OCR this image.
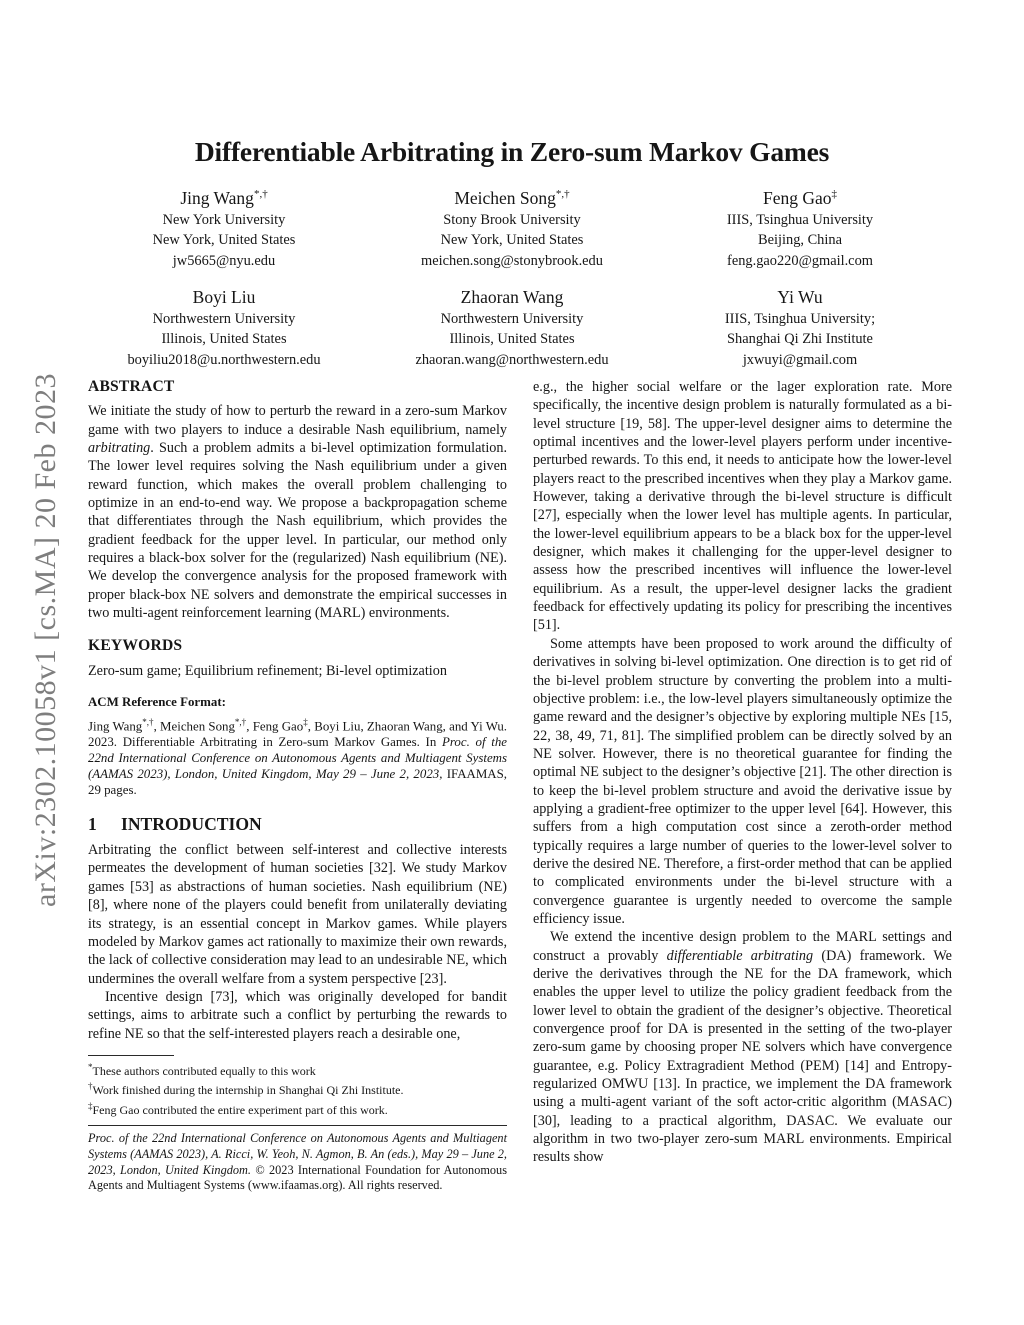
arXiv:2302.10058v1 [cs.MA] 20 Feb 2023
Differentiable Arbitrating in Zero-sum Markov Games
Jing Wang*,†
New York University
New York, United States
jw5665@nyu.edu
Meichen Song*,†
Stony Brook University
New York, United States
meichen.song@stonybrook.edu
Feng Gao‡
IIIS, Tsinghua University
Beijing, China
feng.gao220@gmail.com
Boyi Liu
Northwestern University
Illinois, United States
boyiliu2018@u.northwestern.edu
Zhaoran Wang
Northwestern University
Illinois, United States
zhaoran.wang@northwestern.edu
Yi Wu
IIIS, Tsinghua University;
Shanghai Qi Zhi Institute
jxwuyi@gmail.com
ABSTRACT

We initiate the study of how to perturb the reward in a zero-sum Markov game with two players to induce a desirable Nash equilibrium, namely arbitrating. Such a problem admits a bi-level optimization formulation. The lower level requires solving the Nash equilibrium under a given reward function, which makes the overall problem challenging to optimize in an end-to-end way. We propose a backpropagation scheme that differentiates through the Nash equilibrium, which provides the gradient feedback for the upper level. In particular, our method only requires a black-box solver for the (regularized) Nash equilibrium (NE). We develop the convergence analysis for the proposed framework with proper black-box NE solvers and demonstrate the empirical successes in two multi-agent reinforcement learning (MARL) environments.

KEYWORDS

Zero-sum game; Equilibrium refinement; Bi-level optimization

ACM Reference Format:

Jing Wang*,†, Meichen Song*,†, Feng Gao‡, Boyi Liu, Zhaoran Wang, and Yi Wu. 2023. Differentiable Arbitrating in Zero-sum Markov Games. In Proc. of the 22nd International Conference on Autonomous Agents and Multiagent Systems (AAMAS 2023), London, United Kingdom, May 29 – June 2, 2023, IFAAMAS, 29 pages.

1 INTRODUCTION

Arbitrating the conflict between self-interest and collective interests permeates the development of human societies [32]. We study Markov games [53] as abstractions of human societies. Nash equilibrium (NE) [8], where none of the players could benefit from unilaterally deviating its strategy, is an essential concept in Markov games. While players modeled by Markov games act rationally to maximize their own rewards, the lack of collective consideration may lead to an undesirable NE, which undermines the overall welfare from a system perspective [23].

Incentive design [73], which was originally developed for bandit settings, aims to arbitrate such a conflict by perturbing the rewards to refine NE so that the self-interested players reach a desirable one,

*These authors contributed equally to this work
†Work finished during the internship in Shanghai Qi Zhi Institute.
‡Feng Gao contributed the entire experiment part of this work.

Proc. of the 22nd International Conference on Autonomous Agents and Multiagent Systems (AAMAS 2023), A. Ricci, W. Yeoh, N. Agmon, B. An (eds.), May 29 – June 2, 2023, London, United Kingdom. © 2023 International Foundation for Autonomous Agents and Multiagent Systems (www.ifaamas.org). All rights reserved.

e.g., the higher social welfare or the lager exploration rate. More specifically, the incentive design problem is naturally formulated as a bi-level structure [19, 58]. The upper-level designer aims to determine the optimal incentives and the lower-level players perform under incentive-perturbed rewards. To this end, it needs to anticipate how the lower-level players react to the prescribed incentives when they play a Markov game. However, taking a derivative through the bi-level structure is difficult [27], especially when the lower level has multiple agents. In particular, the lower-level equilibrium appears to be a black box for the upper-level designer, which makes it challenging for the upper-level designer to assess how the prescribed incentives will influence the lower-level equilibrium. As a result, the upper-level designer lacks the gradient feedback for effectively updating its policy for prescribing the incentives [51].

Some attempts have been proposed to work around the difficulty of derivatives in solving bi-level optimization. One direction is to get rid of the bi-level problem structure by converting the problem into a multi-objective problem: i.e., the low-level players simultaneously optimize the game reward and the designer’s objective by exploring multiple NEs [15, 22, 38, 49, 71, 81]. The simplified problem can be directly solved by an NE solver. However, there is no theoretical guarantee for finding the optimal NE subject to the designer’s objective [21]. The other direction is to keep the bi-level problem structure and avoid the derivative issue by applying a gradient-free optimizer to the upper level [64]. However, this suffers from a high computation cost since a zeroth-order method typically requires a large number of queries to the lower-level solver to derive the desired NE. Therefore, a first-order method that can be applied to complicated environments under the bi-level structure with a convergence guarantee is urgently needed to overcome the sample efficiency issue.

We extend the incentive design problem to the MARL settings and construct a provably differentiable arbitrating (DA) framework. We derive the derivatives through the NE for the DA framework, which enables the upper level to utilize the policy gradient feedback from the lower level to obtain the gradient of the designer’s objective. Theoretical convergence proof for DA is presented in the setting of the two-player zero-sum game by choosing proper NE solvers which have convergence guarantee, e.g. Policy Extragradient Method (PEM) [14] and Entropy-regularized OMWU [13]. In practice, we implement the DA framework using a multi-agent variant of the soft actor-critic algorithm (MASAC) [30], leading to a practical algorithm, DASAC. We evaluate our algorithm in two two-player zero-sum MARL environments. Empirical results show
